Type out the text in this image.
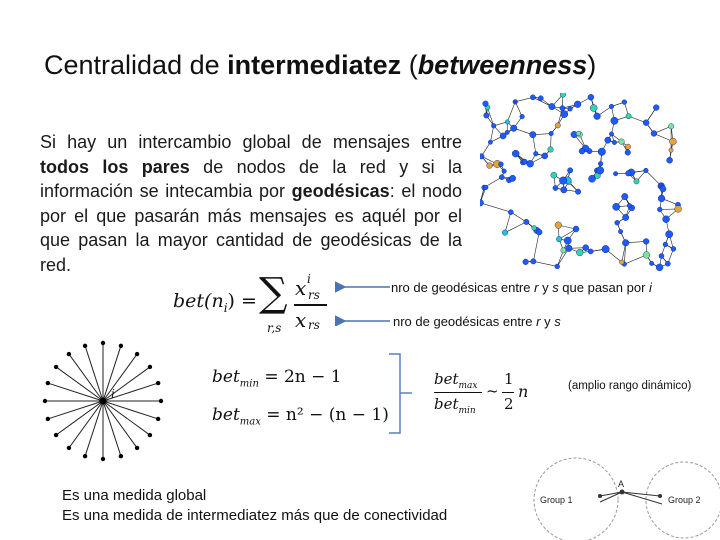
Centralidad de intermediatez (betweenness)
Si hay un intercambio global de mensajes entre todos los pares de nodos de la red y si la información se intecambia por geodésicas: el nodo por el que pasarán más mensajes es aquél por el que pasan la mayor cantidad de geodésicas de la red.
$bet(n_i)$ = ∑
r,s
x i
rs
x rs
nro de geodésicas entre r y s que pasan por i
nro de geodésicas entre r y s
i
bet$_{min}$ = 2n − 1
bet$_{max}$ = n² − (n − 1)
bet$_{max}$
bet$_{min}$
~
1
2
n	(amplio rango dinámico)
Es una medida global
Es una medida de intermediatez más que de conectividad
A
Group 1	Group 2
